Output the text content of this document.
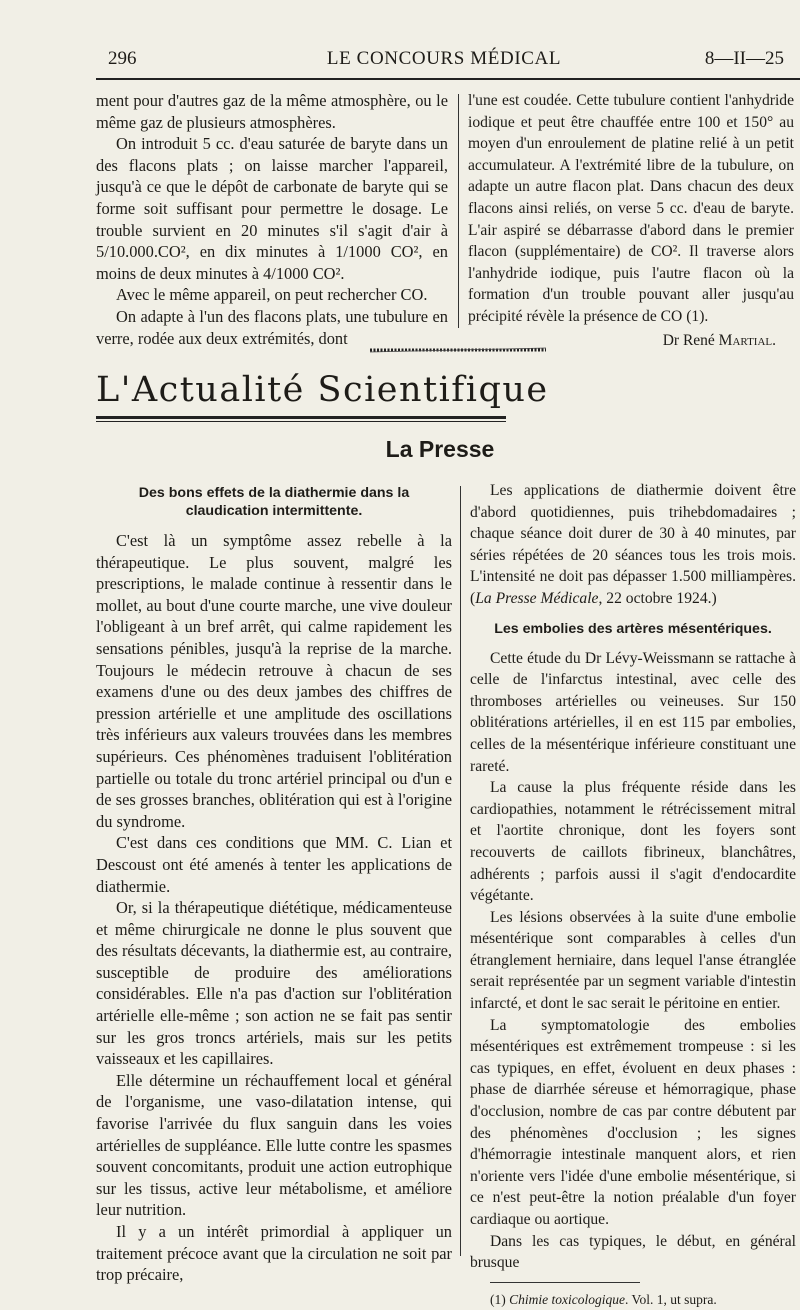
296	LE CONCOURS MÉDICAL	8—II—25

ment pour d'autres gaz de la même atmosphère, ou le même gaz de plusieurs atmosphères.

On introduit 5 cc. d'eau saturée de baryte dans un des flacons plats ; on laisse marcher l'appareil, jusqu'à ce que le dépôt de carbonate de baryte qui se forme soit suffisant pour permettre le dosage. Le trouble survient en 20 minutes s'il s'agit d'air à 5/10.000.CO², en dix minutes à 1/1000 CO², en moins de deux minutes à 4/1000 CO².

Avec le même appareil, on peut rechercher CO.

On adapte à l'un des flacons plats, une tubulure en verre, rodée aux deux extrémités, dont

l'une est coudée. Cette tubulure contient l'anhydride iodique et peut être chauffée entre 100 et 150° au moyen d'un enroulement de platine relié à un petit accumulateur. A l'extrémité libre de la tubulure, on adapte un autre flacon plat. Dans chacun des deux flacons ainsi reliés, on verse 5 cc. d'eau de baryte. L'air aspiré se débarrasse d'abord dans le premier flacon (supplémentaire) de CO². Il traverse alors l'anhydride iodique, puis l'autre flacon où la formation d'un trouble pouvant aller jusqu'au précipité révèle la présence de CO (1).

Dr René Martial.

L'Actualité Scientifique
La Presse

Des bons effets de la diathermie dans la claudication intermittente.

C'est là un symptôme assez rebelle à la thérapeutique. Le plus souvent, malgré les prescriptions, le malade continue à ressentir dans le mollet, au bout d'une courte marche, une vive douleur l'obligeant à un bref arrêt, qui calme rapidement les sensations pénibles, jusqu'à la reprise de la marche. Toujours le médecin retrouve à chacun de ses examens d'une ou des deux jambes des chiffres de pression artérielle et une amplitude des oscillations très inférieurs aux valeurs trouvées dans les membres supérieurs. Ces phénomènes traduisent l'oblitération partielle ou totale du tronc artériel principal ou d'un e de ses grosses branches, oblitération qui est à l'origine du syndrome.

C'est dans ces conditions que MM. C. Lian et Descoust ont été amenés à tenter les applications de diathermie.

Or, si la thérapeutique diététique, médicamenteuse et même chirurgicale ne donne le plus souvent que des résultats décevants, la diathermie est, au contraire, susceptible de produire des améliorations considérables. Elle n'a pas d'action sur l'oblitération artérielle elle-même ; son action ne se fait pas sentir sur les gros troncs artériels, mais sur les petits vaisseaux et les capillaires.

Elle détermine un réchauffement local et général de l'organisme, une vaso-dilatation intense, qui favorise l'arrivée du flux sanguin dans les voies artérielles de suppléance. Elle lutte contre les spasmes souvent concomitants, produit une action eutrophique sur les tissus, active leur métabolisme, et améliore leur nutrition.

Il y a un intérêt primordial à appliquer un traitement précoce avant que la circulation ne soit par trop précaire,

Les applications de diathermie doivent être d'abord quotidiennes, puis trihebdomadaires ; chaque séance doit durer de 30 à 40 minutes, par séries répétées de 20 séances tous les trois mois. L'intensité ne doit pas dépasser 1.500 milliampères. (La Presse Médicale, 22 octobre 1924.)

Les embolies des artères mésentériques.

Cette étude du Dr Lévy-Weissmann se rattache à celle de l'infarctus intestinal, avec celle des thromboses artérielles ou veineuses. Sur 150 oblitérations artérielles, il en est 115 par embolies, celles de la mésentérique inférieure constituant une rareté.

La cause la plus fréquente réside dans les cardiopathies, notamment le rétrécissement mitral et l'aortite chronique, dont les foyers sont recouverts de caillots fibrineux, blanchâtres, adhérents ; parfois aussi il s'agit d'endocardite végétante.

Les lésions observées à la suite d'une embolie mésentérique sont comparables à celles d'un étranglement herniaire, dans lequel l'anse étranglée serait représentée par un segment variable d'intestin infarcté, et dont le sac serait le péritoine en entier.

La symptomatologie des embolies mésentériques est extrêmement trompeuse : si les cas typiques, en effet, évoluent en deux phases : phase de diarrhée séreuse et hémorragique, phase d'occlusion, nombre de cas par contre débutent par des phénomènes d'occlusion ; les signes d'hémorragie intestinale manquent alors, et rien n'oriente vers l'idée d'une embolie mésentérique, si ce n'est peut-être la notion préalable d'un foyer cardiaque ou aortique.

Dans les cas typiques, le début, en général brusque

(1) Chimie toxicologique. Vol. 1, ut supra.
